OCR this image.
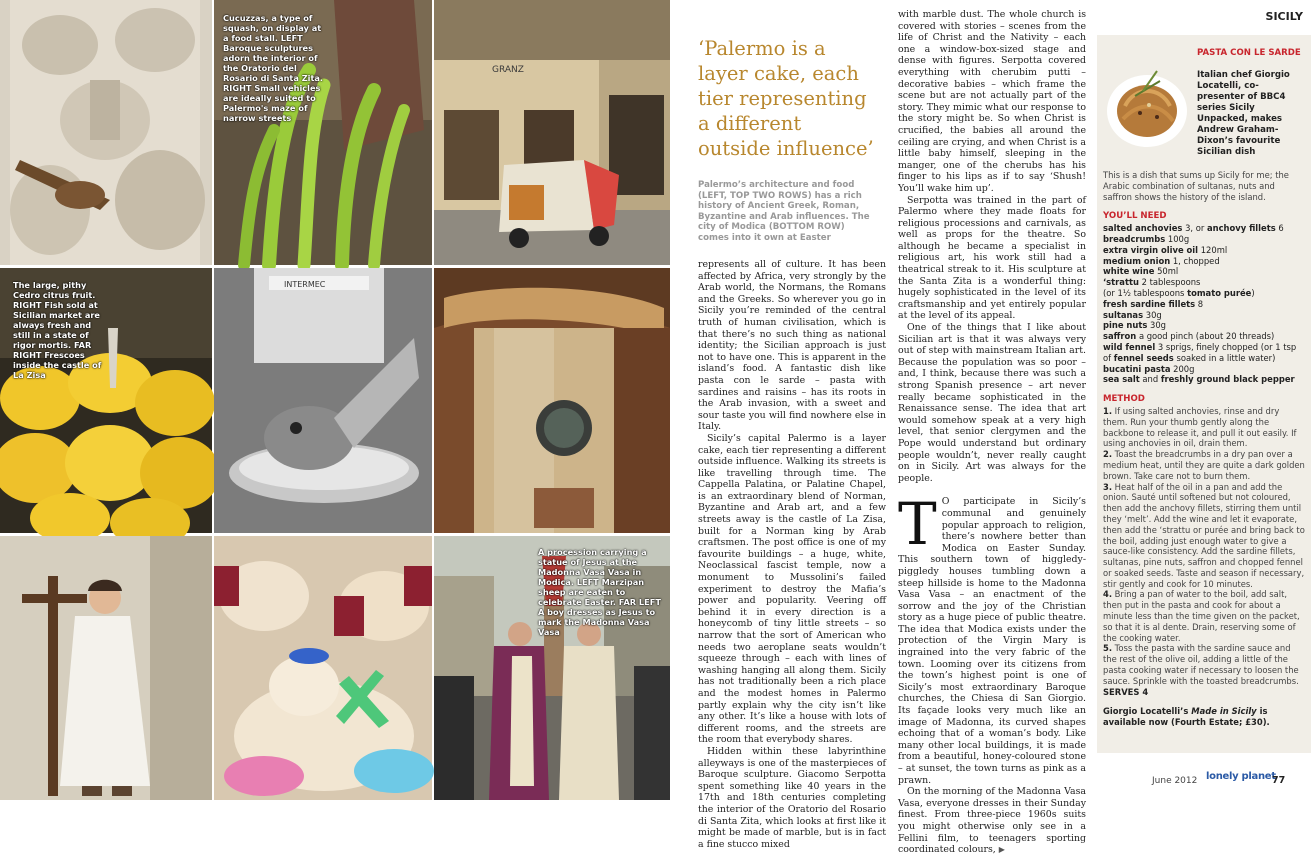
Cucuzzas, a type of squash, on display at a food stall. LEFT Baroque sculptures adorn the interior of the Oratorio del Rosario di Santa Zita. RIGHT Small vehicles are ideally suited to Palermo's maze of narrow streets
GRANZ
The large, pithy Cedro citrus fruit. RIGHT Fish sold at Sicilian market are always fresh and still in a state of rigor mortis. FAR RIGHT Frescoes inside the castle of La Zisa
INTERMEC
A procession carrying a statue of Jesus at the Madonna Vasa Vasa in Modica. LEFT Marzipan sheep are eaten to celebrate Easter. FAR LEFT A boy dresses as Jesus to mark the Madonna Vasa Vasa
SICILY
‘Palermo is a layer cake, each tier representing a different outside influence’
Palermo’s architecture and food (LEFT, TOP TWO ROWS) has a rich history of Ancient Greek, Roman, Byzantine and Arab influences. The city of Modica (BOTTOM ROW) comes into it own at Easter

represents all of culture. It has been affected by Africa, very strongly by the Arab world, the Normans, the Romans and the Greeks. So wherever you go in Sicily you’re reminded of the central truth of human civilisation, which is that there’s no such thing as national identity; the Sicilian approach is just not to have one. This is apparent in the island’s food. A fantastic dish like pasta con le sarde – pasta with sardines and raisins – has its roots in the Arab invasion, with a sweet and sour taste you will find nowhere else in Italy.

Sicily’s capital Palermo is a layer cake, each tier representing a different outside influence. Walking its streets is like travelling through time. The Cappella Palatina, or Palatine Chapel, is an extraordinary blend of Norman, Byzantine and Arab art, and a few streets away is the castle of La Zisa, built for a Norman king by Arab craftsmen. The post office is one of my favourite buildings – a huge, white, Neoclassical fascist temple, now a monument to Mussolini’s failed experiment to destroy the Mafia’s power and popularity. Veering off behind it in every direction is a honeycomb of tiny little streets – so narrow that the sort of American who needs two aeroplane seats wouldn’t squeeze through – each with lines of washing hanging all along them. Sicily has not traditionally been a rich place and the modest homes in Palermo partly explain why the city isn’t like any other. It’s like a house with lots of different rooms, and the streets are the room that everybody shares.

Hidden within these labyrinthine alleyways is one of the masterpieces of Baroque sculpture. Giacomo Serpotta spent something like 40 years in the 17th and 18th centuries completing the interior of the Oratorio del Rosario di Santa Zita, which looks at first like it might be made of marble, but is in fact a fine stucco mixed

with marble dust. The whole church is covered with stories – scenes from the life of Christ and the Nativity – each one a window-box-sized stage and dense with figures. Serpotta covered everything with cherubim putti – decorative babies – which frame the scene but are not actually part of the story. They mimic what our response to the story might be. So when Christ is crucified, the babies all around the ceiling are crying, and when Christ is a little baby himself, sleeping in the manger, one of the cherubs has his finger to his lips as if to say ‘Shush! You’ll wake him up’.

Serpotta was trained in the part of Palermo where they made floats for religious processions and carnivals, as well as props for the theatre. So although he became a specialist in religious art, his work still had a theatrical streak to it. His sculpture at the Santa Zita is a wonderful thing: hugely sophisticated in the level of its craftsmanship and yet entirely popular at the level of its appeal.

One of the things that I like about Sicilian art is that it was always very out of step with mainstream Italian art. Because the population was so poor – and, I think, because there was such a strong Spanish presence – art never really became sophisticated in the Renaissance sense. The idea that art would somehow speak at a very high level, that senior clergymen and the Pope would understand but ordinary people wouldn’t, never really caught on in Sicily. Art was always for the people.

T O participate in Sicily’s communal and genuinely popular approach to religion, there’s nowhere better than Modica on Easter Sunday. This southern town of higgledy-piggledy houses tumbling down a steep hillside is home to the Madonna Vasa Vasa – an enactment of the sorrow and the joy of the Christian story as a huge piece of public theatre. The idea that Modica exists under the protection of the Virgin Mary is ingrained into the very fabric of the town. Looming over its citizens from the town’s highest point is one of Sicily’s most extraordinary Baroque churches, the Chiesa di San Giorgio. Its façade looks very much like an image of Madonna, its curved shapes echoing that of a woman’s body. Like many other local buildings, it is made from a beautiful, honey-coloured stone – at sunset, the town turns as pink as a prawn.

On the morning of the Madonna Vasa Vasa, everyone dresses in their Sunday finest. From three-piece 1960s suits you might otherwise only see in a Fellini film, to teenagers sporting coordinated colours, ▶

PASTA CON LE SARDE
Italian chef Giorgio Locatelli, co-presenter of BBC4 series Sicily Unpacked, makes Andrew Graham-Dixon’s favourite Sicilian dish
This is a dish that sums up Sicily for me; the Arabic combination of sultanas, nuts and saffron shows the history of the island.
YOU’LL NEED
salted anchovies 3, or anchovy fillets 6
breadcrumbs 100g
extra virgin olive oil 120ml
medium onion 1, chopped
white wine 50ml
‘strattu 2 tablespoons
(or 1½ tablespoons tomato purée)
fresh sardine fillets 8
sultanas 30g
pine nuts 30g
saffron a good pinch (about 20 threads)
wild fennel 3 sprigs, finely chopped (or 1 tsp of fennel seeds soaked in a little water)
bucatini pasta 200g
sea salt and freshly ground black pepper
METHOD
1. If using salted anchovies, rinse and dry them. Run your thumb gently along the backbone to release it, and pull it out easily. If using anchovies in oil, drain them.
2. Toast the breadcrumbs in a dry pan over a medium heat, until they are quite a dark golden brown. Take care not to burn them.
3. Heat half of the oil in a pan and add the onion. Sauté until softened but not coloured, then add the anchovy fillets, stirring them until they ‘melt’. Add the wine and let it evaporate, then add the ‘strattu or purée and bring back to the boil, adding just enough water to give a sauce-like consistency. Add the sardine fillets, sultanas, pine nuts, saffron and chopped fennel or soaked seeds. Taste and season if necessary, stir gently and cook for 10 minutes.
4. Bring a pan of water to the boil, add salt, then put in the pasta and cook for about a minute less than the time given on the packet, so that it is al dente. Drain, reserving some of the cooking water.
5. Toss the pasta with the sardine sauce and the rest of the olive oil, adding a little of the pasta cooking water if necessary to loosen the sauce. Sprinkle with the toasted breadcrumbs.
SERVES 4
Giorgio Locatelli’s Made in Sicily is available now (Fourth Estate; £30).
June 2012 lonely planet
77
